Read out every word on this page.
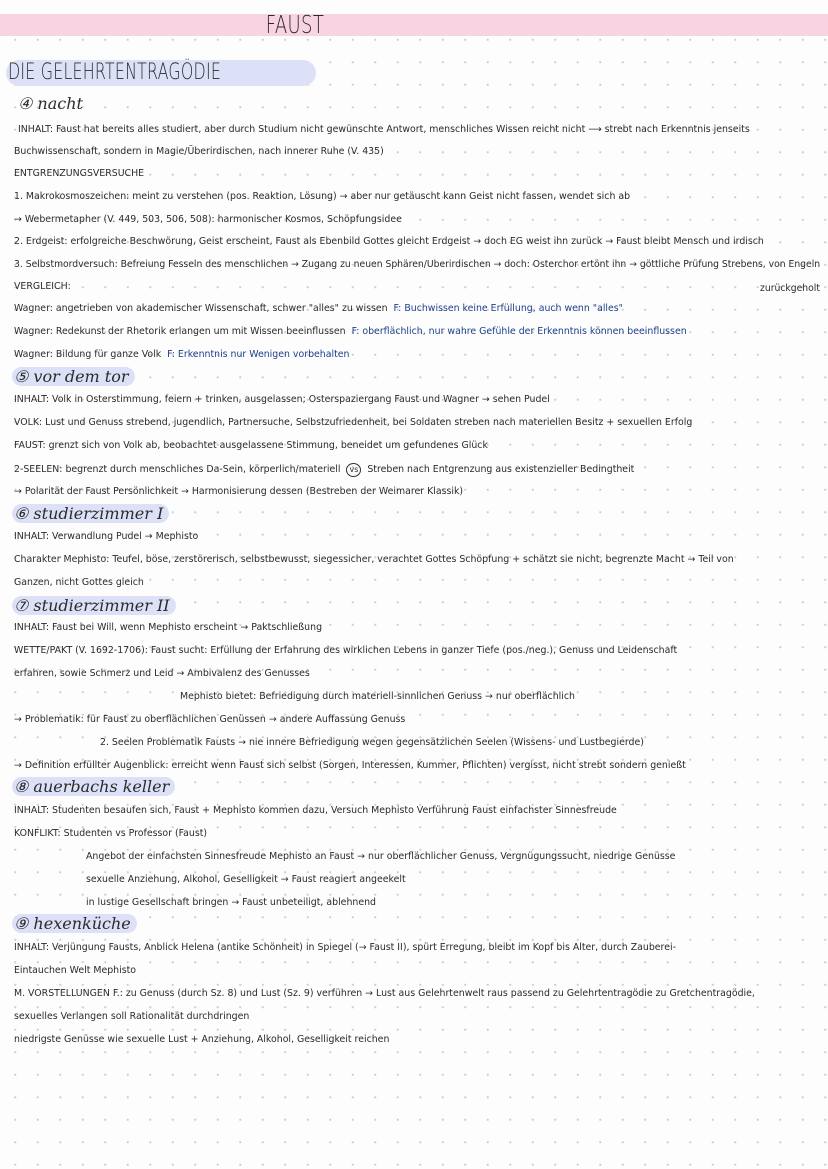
FAUST
DIE GELEHRTENTRAGÖDIE
④ nacht
INHALT: Faust hat bereits alles studiert, aber durch Studium nicht gewünschte Antwort, menschliches Wissen reicht nicht ⟶ strebt nach Erkenntnis jenseits
Buchwissenschaft, sondern in Magie/Überirdischen, nach innerer Ruhe (V. 435)
ENTGRENZUNGSVERSUCHE
1. Makrokosmoszeichen: meint zu verstehen (pos. Reaktion, Lösung) → aber nur getäuscht kann Geist nicht fassen, wendet sich ab
→ Webermetapher (V. 449, 503, 506, 508): harmonischer Kosmos, Schöpfungsidee
2. Erdgeist: erfolgreiche Beschwörung, Geist erscheint, Faust als Ebenbild Gottes gleicht Erdgeist → doch EG weist ihn zurück → Faust bleibt Mensch und irdisch
3. Selbstmordversuch: Befreiung Fesseln des menschlichen → Zugang zu neuen Sphären/Überirdischen → doch: Osterchor ertönt ihn → göttliche Prüfung Strebens, von Engeln
VERGLEICH:	zurückgeholt
Wagner: angetrieben von akademischer Wissenschaft, schwer "alles" zu wissen F: Buchwissen keine Erfüllung, auch wenn "alles"
Wagner: Redekunst der Rhetorik erlangen um mit Wissen beeinflussen F: oberflächlich, nur wahre Gefühle der Erkenntnis können beeinflussen
Wagner: Bildung für ganze Volk F: Erkenntnis nur Wenigen vorbehalten
⑤ vor dem tor
INHALT: Volk in Osterstimmung, feiern + trinken, ausgelassen; Osterspaziergang Faust und Wagner → sehen Pudel
VOLK: Lust und Genuss strebend, jugendlich, Partnersuche, Selbstzufriedenheit, bei Soldaten streben nach materiellen Besitz + sexuellen Erfolg
FAUST: grenzt sich von Volk ab, beobachtet ausgelassene Stimmung, beneidet um gefundenes Glück
2-SEELEN: begrenzt durch menschliches Da-Sein, körperlich/materiell vs Streben nach Entgrenzung aus existenzieller Bedingtheit
→ Polarität der Faust Persönlichkeit → Harmonisierung dessen (Bestreben der Weimarer Klassik)
⑥ studierzimmer I
INHALT: Verwandlung Pudel → Mephisto
Charakter Mephisto: Teufel, böse, zerstörerisch, selbstbewusst, siegessicher, verachtet Gottes Schöpfung + schätzt sie nicht, begrenzte Macht → Teil von
Ganzen, nicht Gottes gleich
⑦ studierzimmer II
INHALT: Faust bei Will, wenn Mephisto erscheint → Paktschließung
WETTE/PAKT (V. 1692-1706): Faust sucht: Erfüllung der Erfahrung des wirklichen Lebens in ganzer Tiefe (pos./neg.), Genuss und Leidenschaft
erfahren, sowie Schmerz und Leid → Ambivalenz des Genusses
Mephisto bietet: Befriedigung durch materiell-sinnlichen Genuss → nur oberflächlich
→ Problematik: für Faust zu oberflächlichen Genüssen → andere Auffassung Genuss
2. Seelen Problematik Fausts → nie innere Befriedigung wegen gegensätzlichen Seelen (Wissens- und Lustbegierde)
→ Definition erfüllter Augenblick: erreicht wenn Faust sich selbst (Sorgen, Interessen, Kummer, Pflichten) vergisst, nicht strebt sondern genießt
⑧ auerbachs keller
INHALT: Studenten besaufen sich, Faust + Mephisto kommen dazu, Versuch Mephisto Verführung Faust einfachster Sinnesfreude
KONFLIKT: Studenten vs Professor (Faust)
Angebot der einfachsten Sinnesfreude Mephisto an Faust → nur oberflächlicher Genuss, Vergnügungssucht, niedrige Genüsse
sexuelle Anziehung, Alkohol, Geselligkeit → Faust reagiert angeekelt
in lustige Gesellschaft bringen → Faust unbeteiligt, ablehnend
⑨ hexenküche
INHALT: Verjüngung Fausts, Anblick Helena (antike Schönheit) in Spiegel (→ Faust II), spürt Erregung, bleibt im Kopf bis Alter, durch Zauberei-
Eintauchen Welt Mephisto
M. VORSTELLUNGEN F.: zu Genuss (durch Sz. 8) und Lust (Sz. 9) verführen → Lust aus Gelehrtenwelt raus passend zu Gelehrtentragödie zu Gretchentragödie,
sexuelles Verlangen soll Rationalität durchdringen
niedrigste Genüsse wie sexuelle Lust + Anziehung, Alkohol, Geselligkeit reichen
